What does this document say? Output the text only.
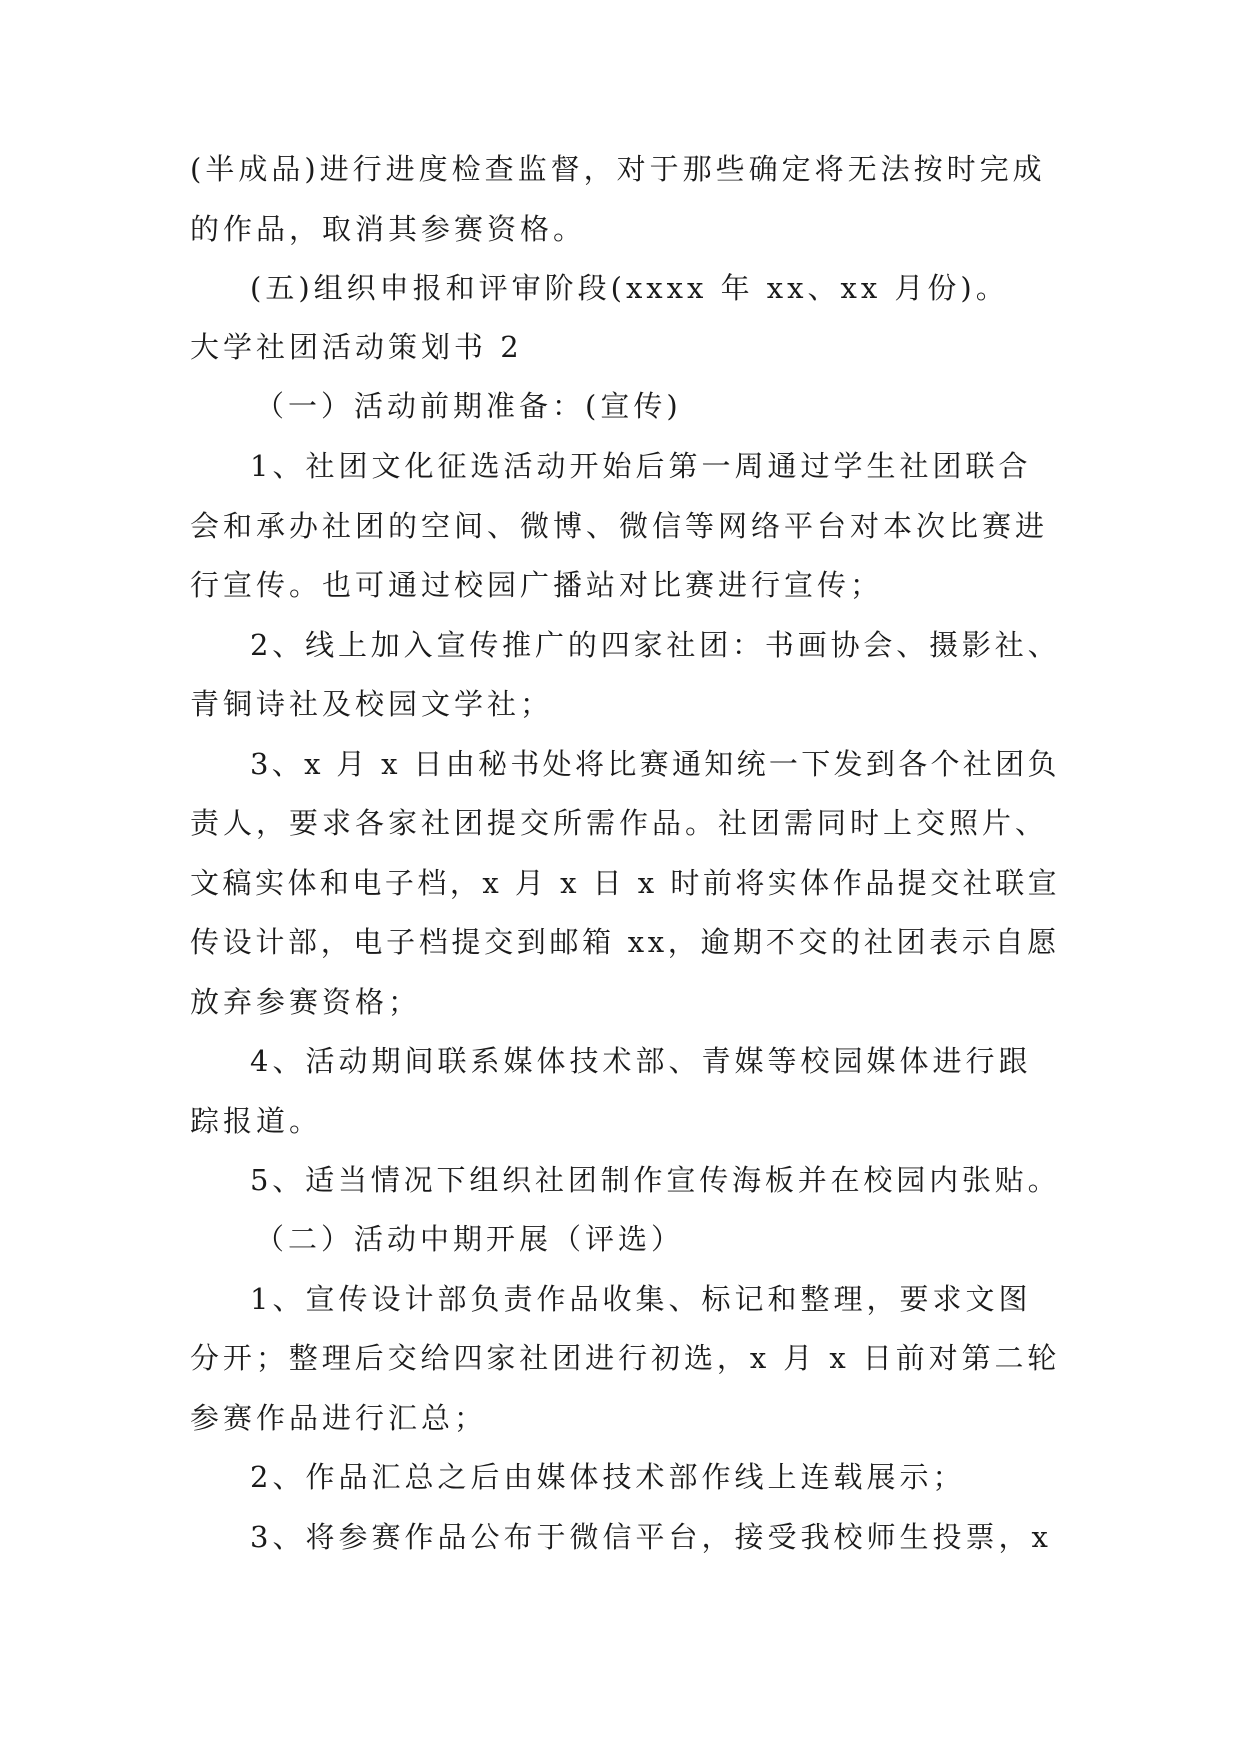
(半成品)进行进度检查监督，对于那些确定将无法按时完成
的作品，取消其参赛资格。
(五)组织申报和评审阶段(xxxx 年 xx、xx 月份)。
大学社团活动策划书 2
（一）活动前期准备：(宣传)
1、社团文化征选活动开始后第一周通过学生社团联合
会和承办社团的空间、微博、微信等网络平台对本次比赛进
行宣传。也可通过校园广播站对比赛进行宣传；
2、线上加入宣传推广的四家社团：书画协会、摄影社、
青铜诗社及校园文学社；
3、x 月 x 日由秘书处将比赛通知统一下发到各个社团负
责人，要求各家社团提交所需作品。社团需同时上交照片、
文稿实体和电子档，x 月 x 日 x 时前将实体作品提交社联宣
传设计部，电子档提交到邮箱 xx，逾期不交的社团表示自愿
放弃参赛资格；
4、活动期间联系媒体技术部、青媒等校园媒体进行跟
踪报道。
5、适当情况下组织社团制作宣传海板并在校园内张贴。
（二）活动中期开展（评选）
1、宣传设计部负责作品收集、标记和整理，要求文图
分开；整理后交给四家社团进行初选，x 月 x 日前对第二轮
参赛作品进行汇总；
2、作品汇总之后由媒体技术部作线上连载展示；
3、将参赛作品公布于微信平台，接受我校师生投票，x
